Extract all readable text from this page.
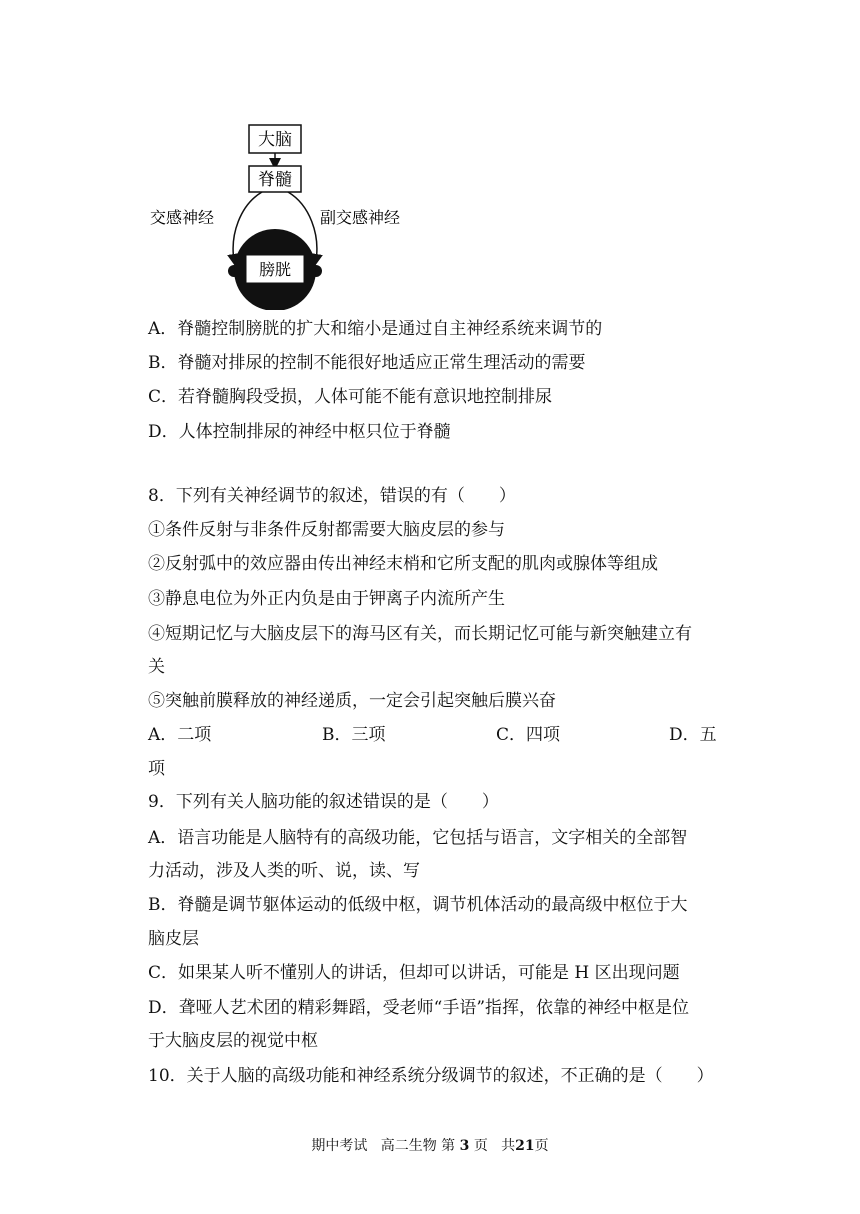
大脑
脊髓
交感神经	副交感神经
膀胱
A．脊髓控制膀胱的扩大和缩小是通过自主神经系统来调节的
B．脊髓对排尿的控制不能很好地适应正常生理活动的需要
C．若脊髓胸段受损，人体可能不能有意识地控制排尿
D．人体控制排尿的神经中枢只位于脊髓
8．下列有关神经调节的叙述，错误的有（　　）
①条件反射与非条件反射都需要大脑皮层的参与
②反射弧中的效应器由传出神经末梢和它所支配的肌肉或腺体等组成
③静息电位为外正内负是由于钾离子内流所产生
④短期记忆与大脑皮层下的海马区有关，而长期记忆可能与新突触建立有
关
⑤突触前膜释放的神经递质，一定会引起突触后膜兴奋
A．二项	B．三项	C．四项	D．五
项
9．下列有关人脑功能的叙述错误的是（　　）
A．语言功能是人脑特有的高级功能，它包括与语言，文字相关的全部智
力活动，涉及人类的听、说，读、写
B．脊髓是调节躯体运动的低级中枢，调节机体活动的最高级中枢位于大
脑皮层
C．如果某人听不懂别人的讲话，但却可以讲话，可能是 H 区出现问题
D．聋哑人艺术团的精彩舞蹈，受老师“手语”指挥，依靠的神经中枢是位
于大脑皮层的视觉中枢
10．关于人脑的高级功能和神经系统分级调节的叙述，不正确的是（　　）
期中考试 高二生物 第 3 页 共21页
